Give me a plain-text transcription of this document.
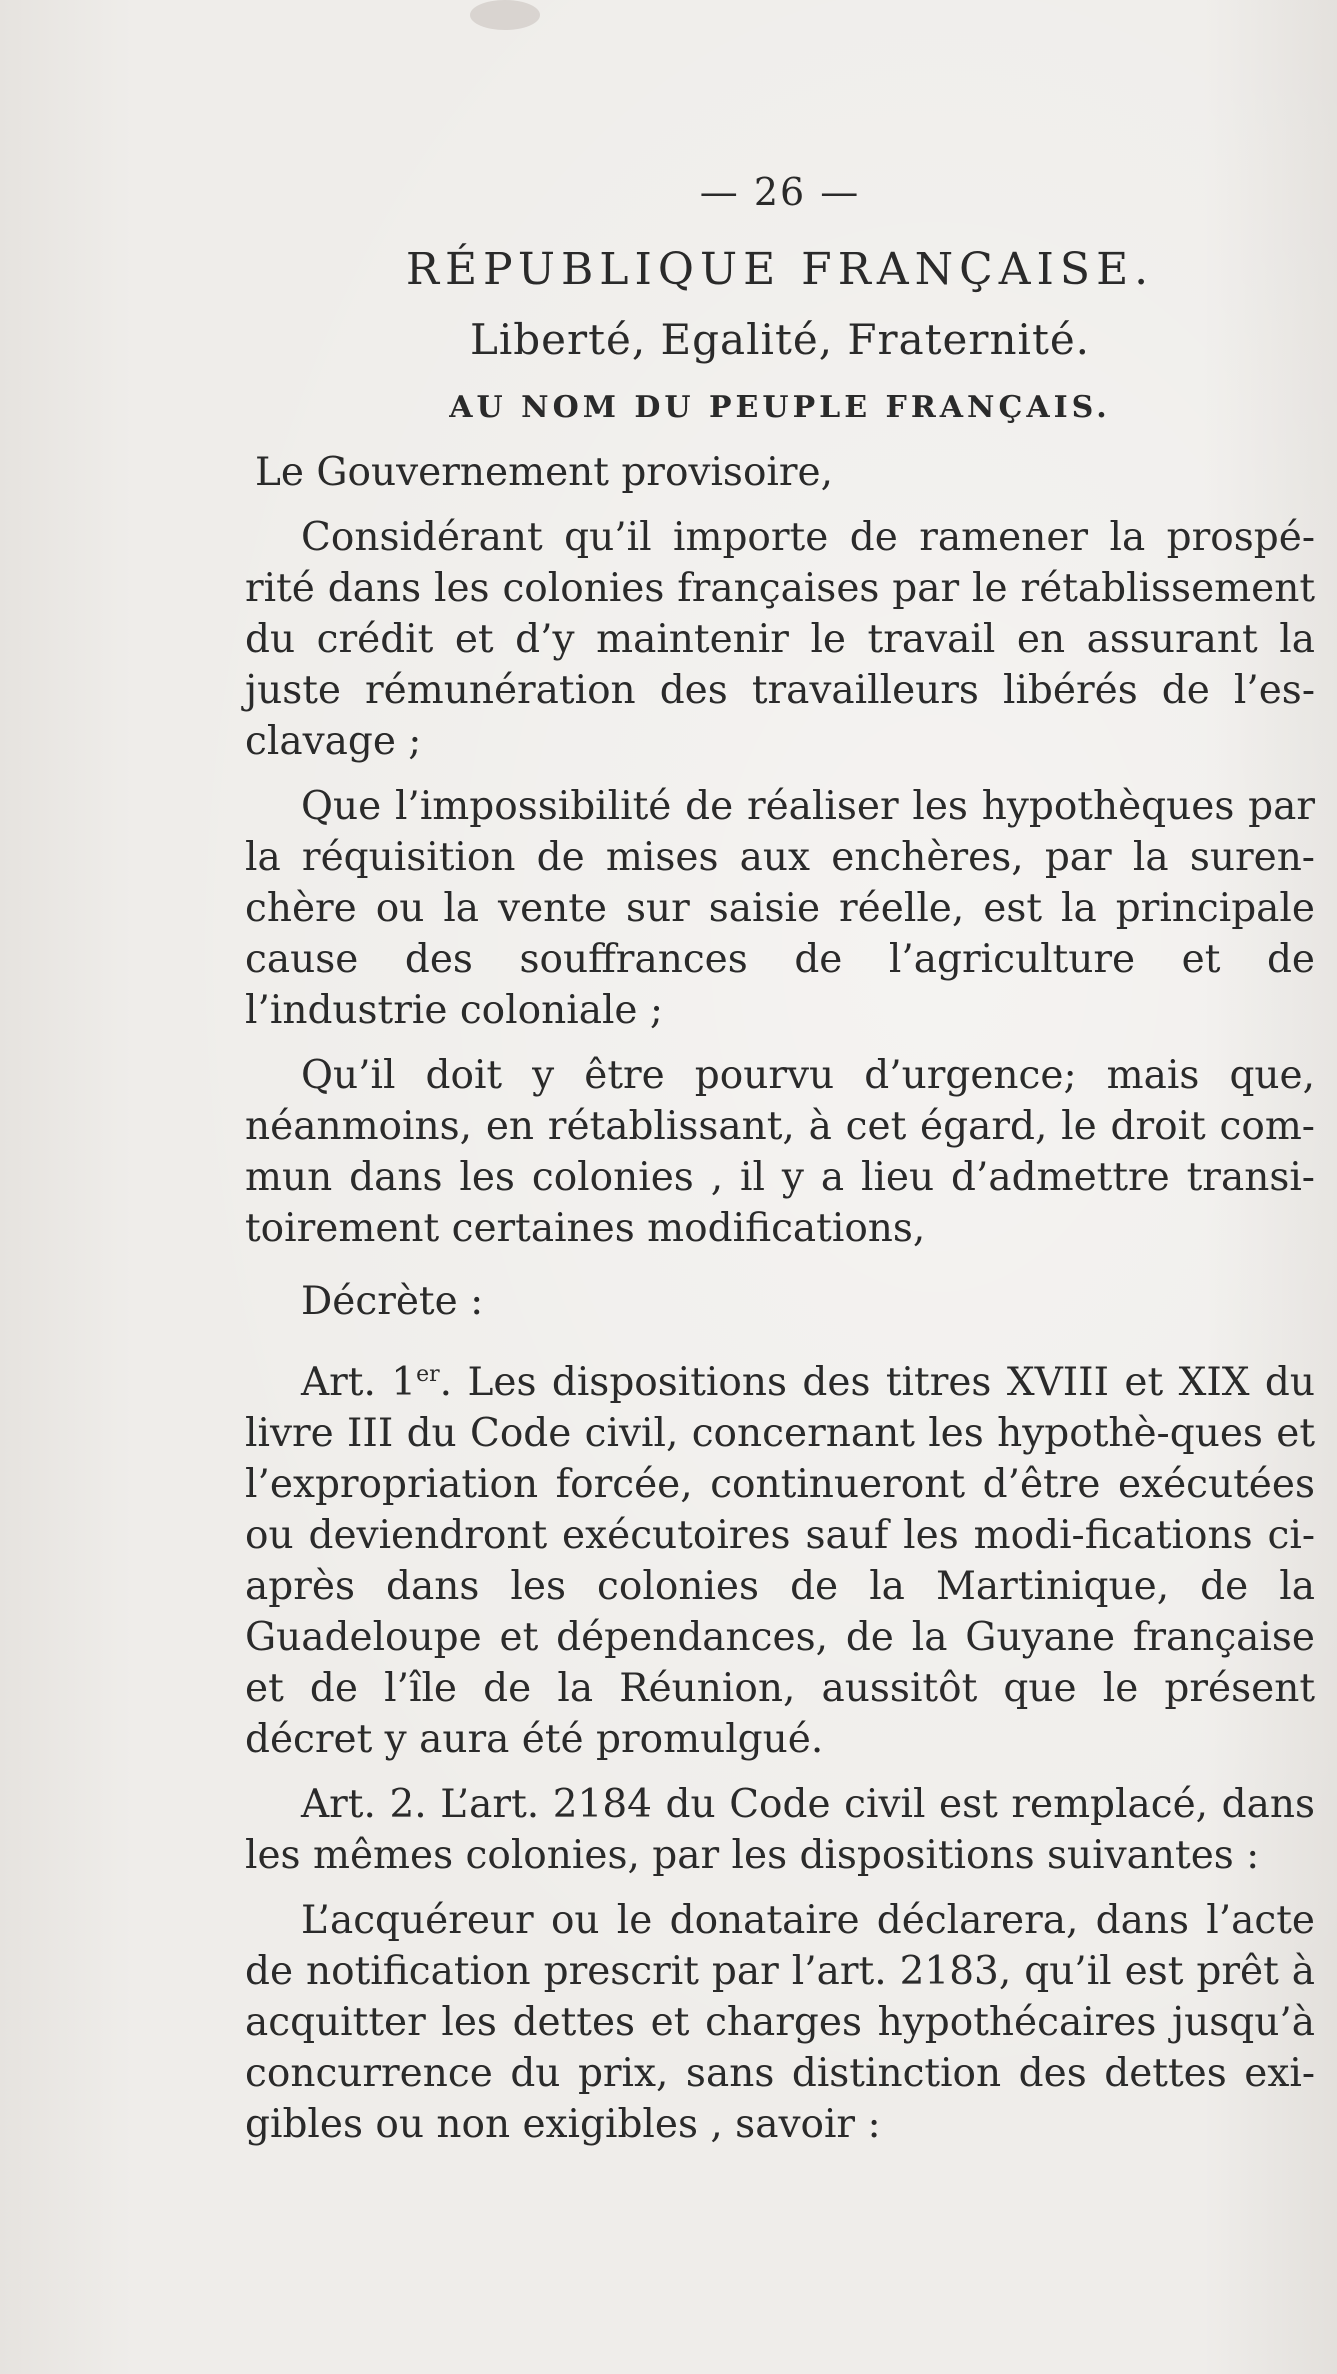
— 26 —
RÉPUBLIQUE FRANÇAISE.
Liberté, Egalité, Fraternité.
AU NOM DU PEUPLE FRANÇAIS.

Le Gouvernement provisoire,

Considérant qu’il importe de ramener la prospé-rité dans les colonies françaises par le rétablissement du crédit et d’y maintenir le travail en assurant la juste rémunération des travailleurs libérés de l’es-clavage ;

Que l’impossibilité de réaliser les hypothèques par la réquisition de mises aux enchères, par la suren-chère ou la vente sur saisie réelle, est la principale cause des souffrances de l’agriculture et de l’industrie coloniale ;

Qu’il doit y être pourvu d’urgence; mais que, néanmoins, en rétablissant, à cet égard, le droit com-mun dans les colonies , il y a lieu d’admettre transi-toirement certaines modifications,

Décrète :

Art. 1er. Les dispositions des titres XVIII et XIX du livre III du Code civil, concernant les hypothè-ques et l’expropriation forcée, continueront d’être exécutées ou deviendront exécutoires sauf les modi-fications ci-après dans les colonies de la Martinique, de la Guadeloupe et dépendances, de la Guyane française et de l’île de la Réunion, aussitôt que le présent décret y aura été promulgué.

Art. 2. L’art. 2184 du Code civil est remplacé, dans les mêmes colonies, par les dispositions suivantes :

L’acquéreur ou le donataire déclarera, dans l’acte de notification prescrit par l’art. 2183, qu’il est prêt à acquitter les dettes et charges hypothécaires jusqu’à concurrence du prix, sans distinction des dettes exi-gibles ou non exigibles , savoir :
